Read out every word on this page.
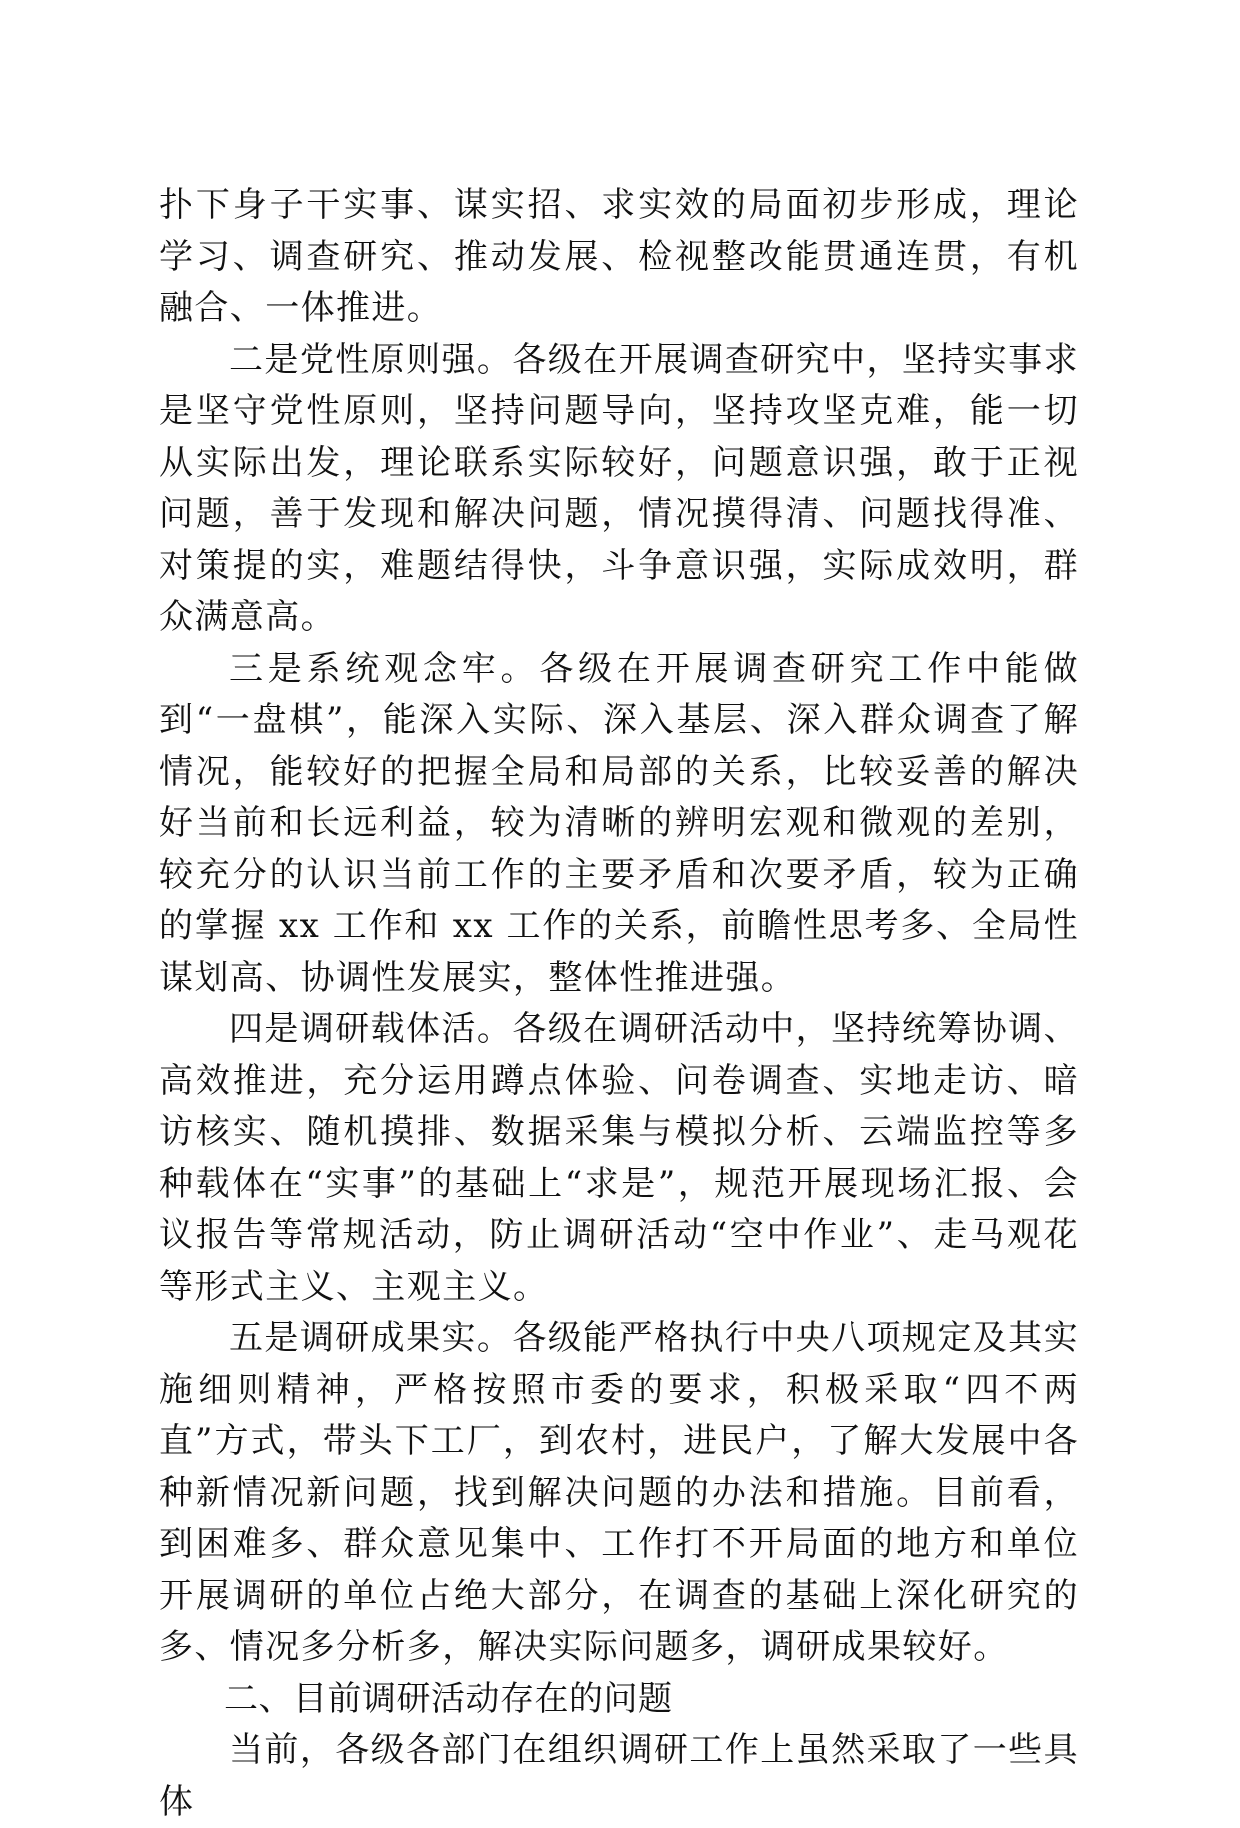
扑下身子干实事、谋实招、求实效的局面初步形成，理论学习、调查研究、推动发展、检视整改能贯通连贯，有机融合、一体推进。

二是党性原则强。各级在开展调查研究中，坚持实事求是坚守党性原则，坚持问题导向，坚持攻坚克难，能一切从实际出发，理论联系实际较好，问题意识强，敢于正视问题，善于发现和解决问题，情况摸得清、问题找得准、对策提的实，难题结得快，斗争意识强，实际成效明，群众满意高。

三是系统观念牢。各级在开展调查研究工作中能做到“一盘棋”，能深入实际、深入基层、深入群众调查了解情况，能较好的把握全局和局部的关系，比较妥善的解决好当前和长远利益，较为清晰的辨明宏观和微观的差别，较充分的认识当前工作的主要矛盾和次要矛盾，较为正确的掌握 xx 工作和 xx 工作的关系，前瞻性思考多、全局性谋划高、协调性发展实，整体性推进强。

四是调研载体活。各级在调研活动中，坚持统筹协调、高效推进，充分运用蹲点体验、问卷调查、实地走访、暗访核实、随机摸排、数据采集与模拟分析、云端监控等多种载体在“实事”的基础上“求是”，规范开展现场汇报、会议报告等常规活动，防止调研活动“空中作业”、走马观花等形式主义、主观主义。

五是调研成果实。各级能严格执行中央八项规定及其实施细则精神，严格按照市委的要求，积极采取“四不两直”方式，带头下工厂，到农村，进民户，了解大发展中各种新情况新问题，找到解决问题的办法和措施。目前看，到困难多、群众意见集中、工作打不开局面的地方和单位开展调研的单位占绝大部分，在调查的基础上深化研究的多、情况多分析多，解决实际问题多，调研成果较好。

二、目前调研活动存在的问题

当前，各级各部门在组织调研工作上虽然采取了一些具体
